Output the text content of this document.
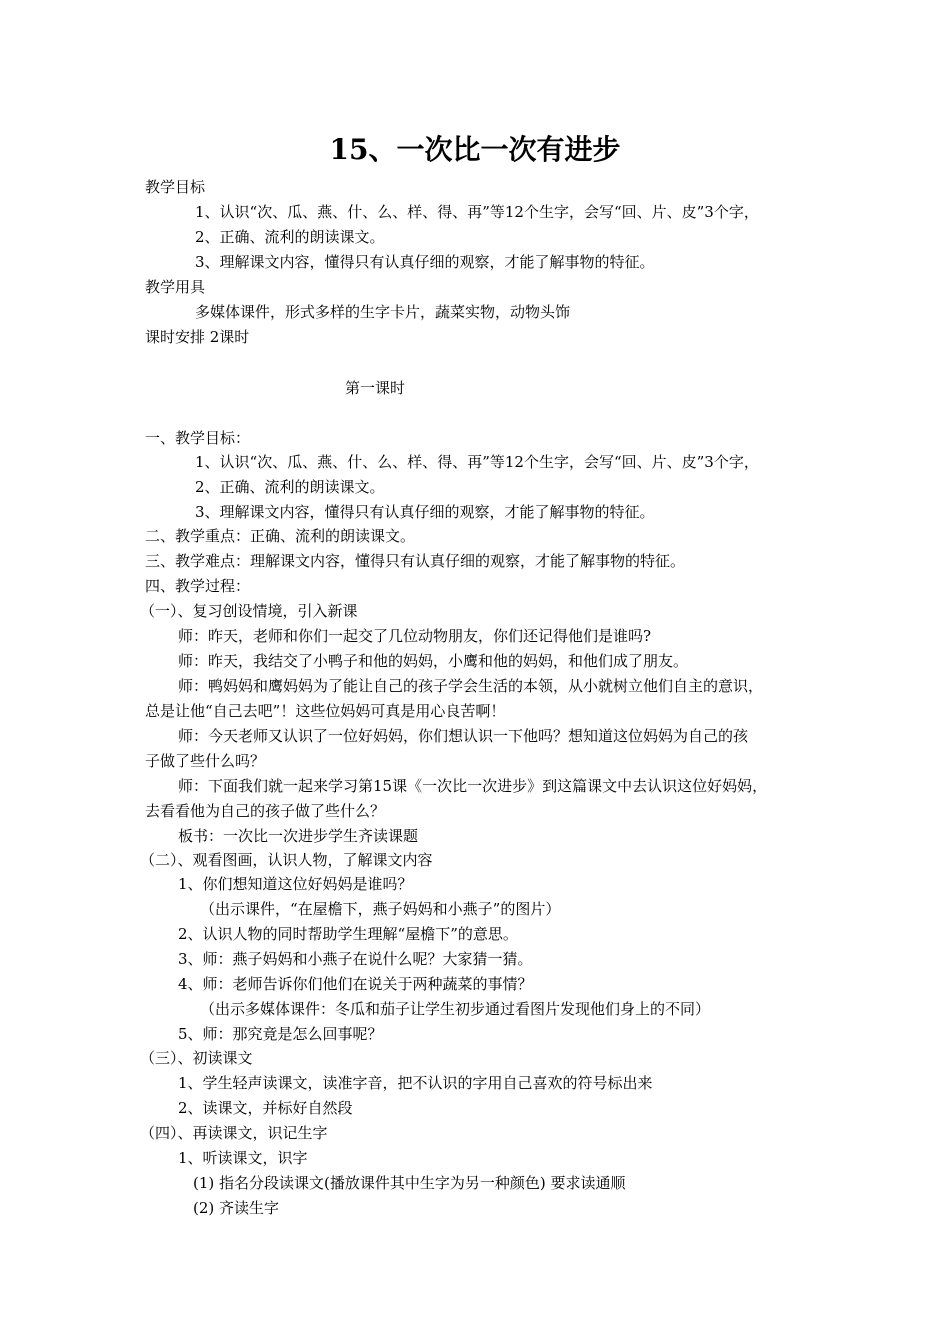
15、一次比一次有进步
教学目标
1、认识“次、瓜、燕、什、么、样、得、再”等12个生字，会写“回、片、皮”3个字，
2、正确、流利的朗读课文。
3、理解课文内容，懂得只有认真仔细的观察，才能了解事物的特征。
教学用具
多媒体课件，形式多样的生字卡片，蔬菜实物，动物头饰
课时安排 2课时
第一课时
一、教学目标：
1、认识“次、瓜、燕、什、么、样、得、再”等12个生字，会写“回、片、皮”3个字，
2、正确、流利的朗读课文。
3、理解课文内容，懂得只有认真仔细的观察，才能了解事物的特征。
二、教学重点：正确、流利的朗读课文。
三、教学难点：理解课文内容，懂得只有认真仔细的观察，才能了解事物的特征。
四、教学过程：
（一）、复习创设情境，引入新课
师：昨天，老师和你们一起交了几位动物朋友，你们还记得他们是谁吗?
师：昨天，我结交了小鸭子和他的妈妈，小鹰和他的妈妈，和他们成了朋友。
师：鸭妈妈和鹰妈妈为了能让自己的孩子学会生活的本领，从小就树立他们自主的意识，
总是让他“自己去吧”！这些位妈妈可真是用心良苦啊！
师：今天老师又认识了一位好妈妈，你们想认识一下他吗？想知道这位妈妈为自己的孩
子做了些什么吗？
师：下面我们就一起来学习第15课《一次比一次进步》到这篇课文中去认识这位好妈妈，
去看看他为自己的孩子做了些什么？
板书：一次比一次进步学生齐读课题
（二）、观看图画，认识人物，了解课文内容
1、你们想知道这位好妈妈是谁吗？
（出示课件，“在屋檐下，燕子妈妈和小燕子”的图片）
2、认识人物的同时帮助学生理解“屋檐下”的意思。
3、师：燕子妈妈和小燕子在说什么呢？大家猜一猜。
4、师：老师告诉你们他们在说关于两种蔬菜的事情？
（出示多媒体课件：冬瓜和茄子让学生初步通过看图片发现他们身上的不同）
5、师：那究竟是怎么回事呢？
（三）、初读课文
1、学生轻声读课文，读准字音，把不认识的字用自己喜欢的符号标出来
2、读课文，并标好自然段
（四）、再读课文，识记生字
1、听读课文，识字
(1) 指名分段读课文(播放课件其中生字为另一种颜色) 要求读通顺
(2) 齐读生字
